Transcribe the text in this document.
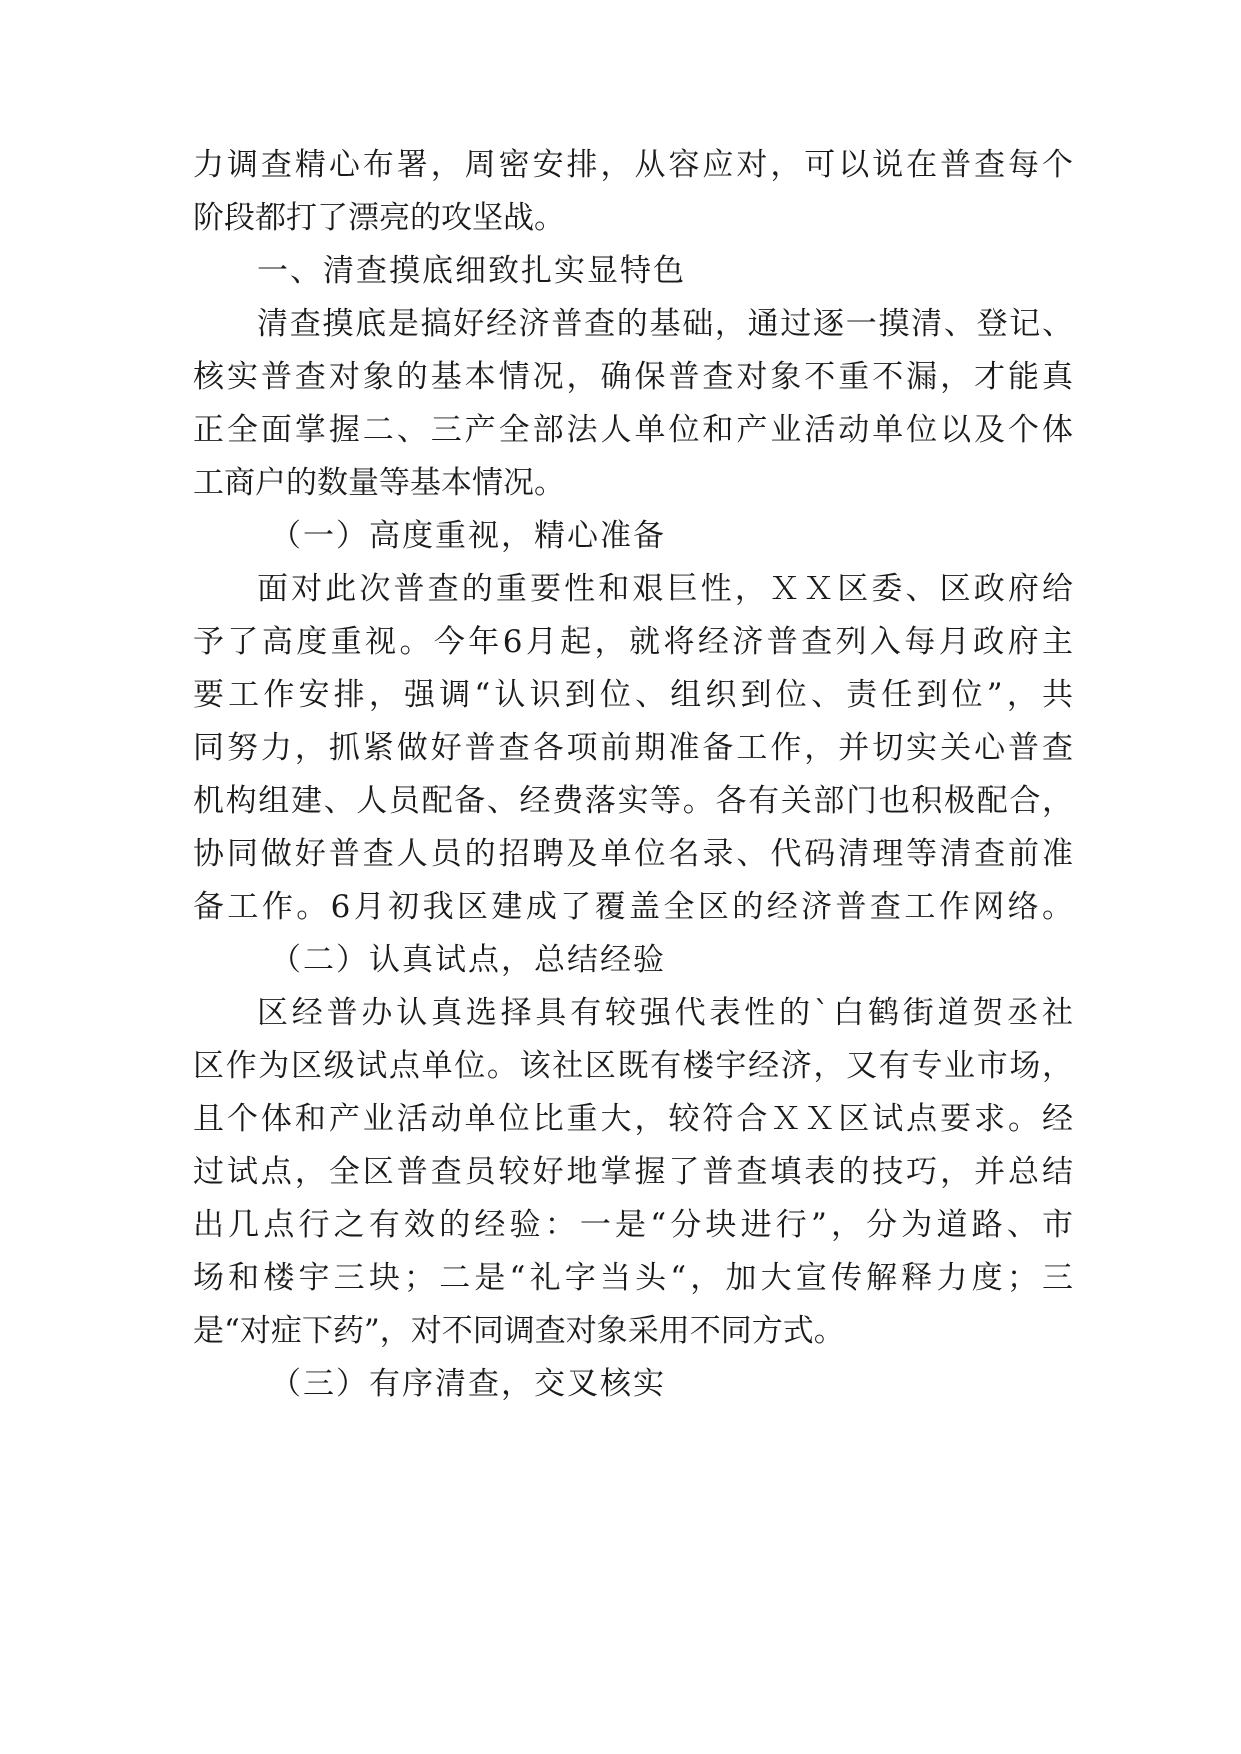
力调查精心布署，周密安排，从容应对，可以说在普查每个
阶段都打了漂亮的攻坚战。
一、清查摸底细致扎实显特色
清查摸底是搞好经济普查的基础，通过逐一摸清、登记、
核实普查对象的基本情况，确保普查对象不重不漏，才能真
正全面掌握二、三产全部法人单位和产业活动单位以及个体
工商户的数量等基本情况。
（一）高度重视，精心准备
面对此次普查的重要性和艰巨性，ＸＸ区委、区政府给
予了高度重视。今年6月起，就将经济普查列入每月政府主
要工作安排，强调“认识到位、组织到位、责任到位”，共
同努力，抓紧做好普查各项前期准备工作，并切实关心普查
机构组建、人员配备、经费落实等。各有关部门也积极配合，
协同做好普查人员的招聘及单位名录、代码清理等清查前准
备工作。6月初我区建成了覆盖全区的经济普查工作网络。
（二）认真试点，总结经验
区经普办认真选择具有较强代表性的`白鹤街道贺丞社
区作为区级试点单位。该社区既有楼宇经济，又有专业市场，
且个体和产业活动单位比重大，较符合ＸＸ区试点要求。经
过试点，全区普查员较好地掌握了普查填表的技巧，并总结
出几点行之有效的经验：一是“分块进行”，分为道路、市
场和楼宇三块；二是“礼字当头“，加大宣传解释力度；三
是“对症下药”，对不同调查对象采用不同方式。
（三）有序清查，交叉核实
